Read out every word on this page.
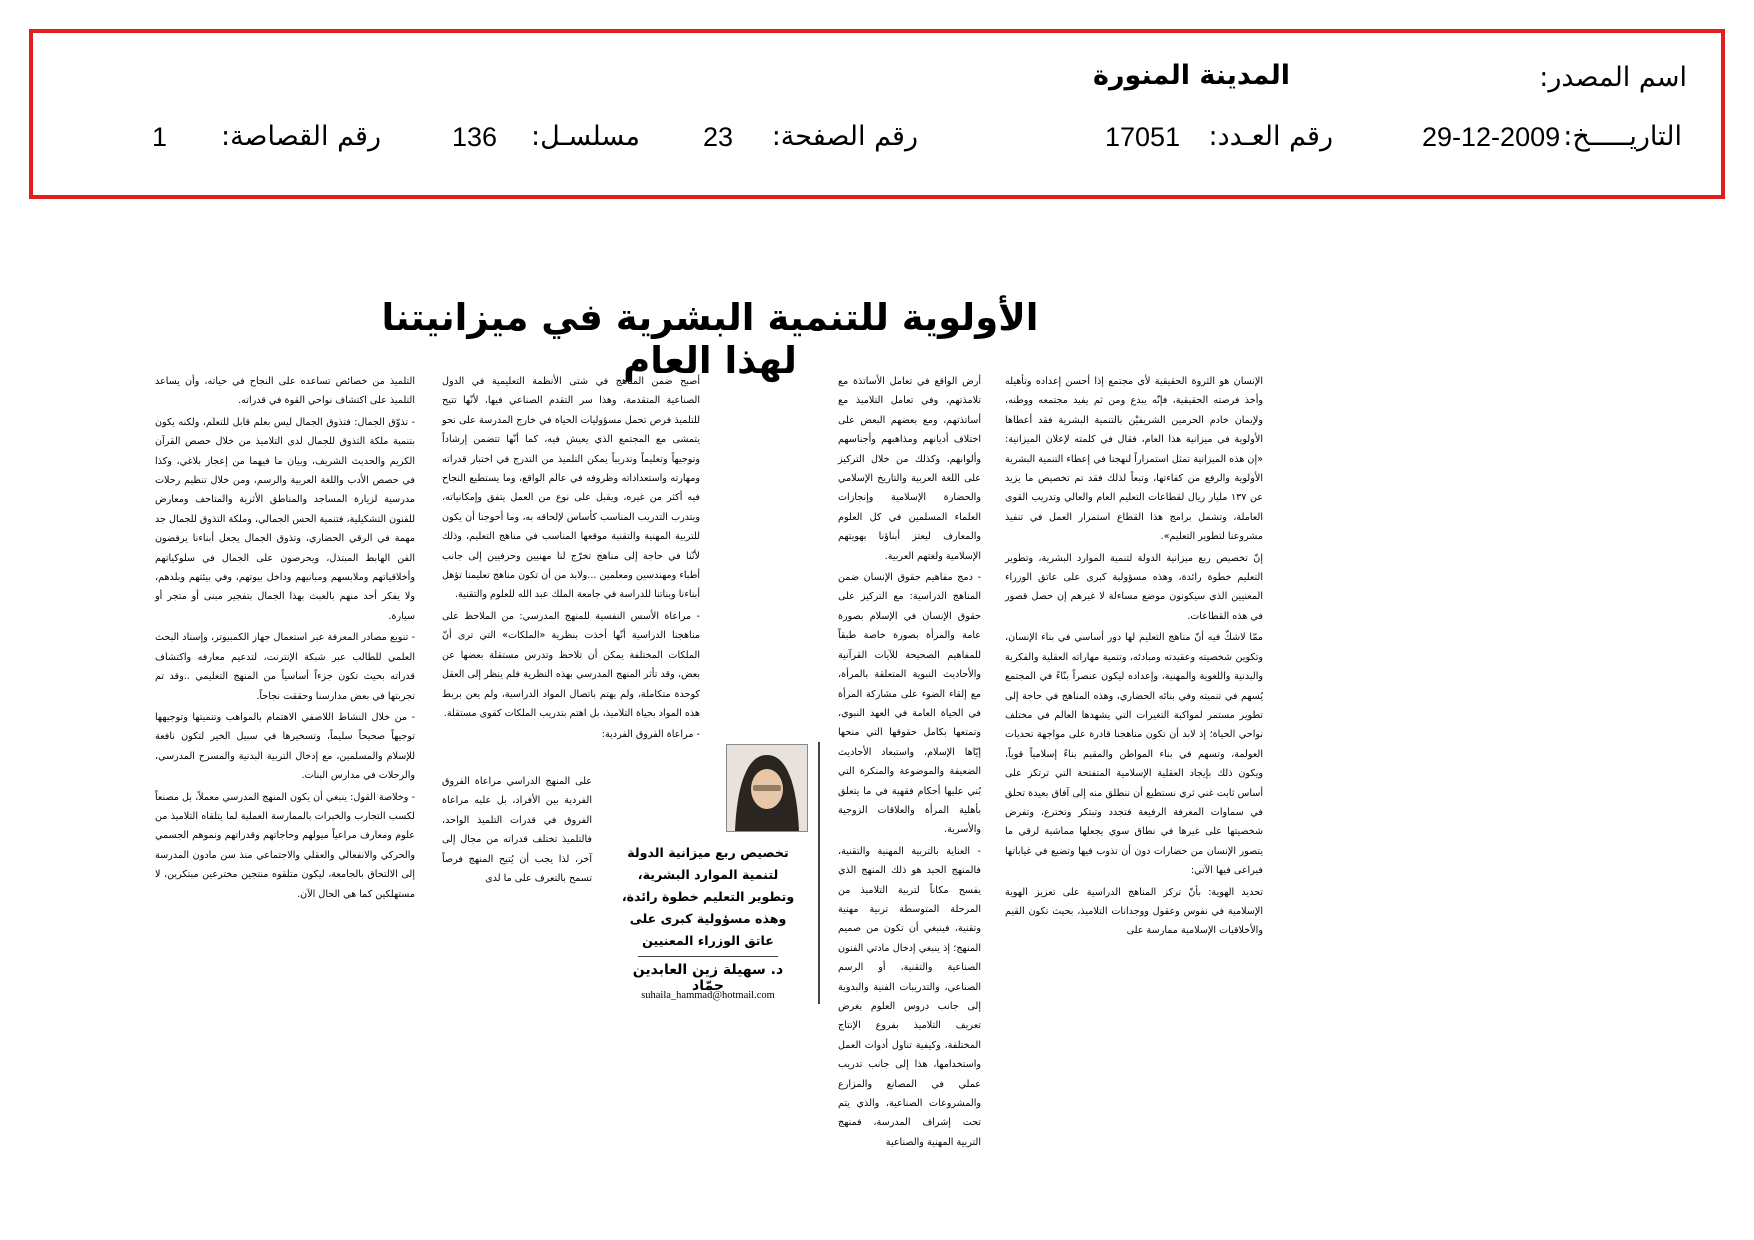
اسم المصدر:
المدينة المنورة
التاريـــــخ:
29-12-2009
رقم العـدد:
17051
رقم الصفحة:
23
مسلسـل:
136
رقم القصاصة:
1
الأولوية للتنمية البشرية في ميزانيتنا لهذا العام	الإنسان هو الثروة الحقيقية لأي مجتمع إذا أحسن إعداده وتأهيله وأخذ فرصته الحقيقية، فإنّه يبدع ومن ثم يفيد مجتمعه ووطنه، ولإيمان خادم الحرمين الشريفيْن بالتنمية البشرية فقد أعطاها الأولوية في ميزانية هذا العام، فقال في كلمته لإعلان الميزانية: «إن هذه الميزانية تمثل استمراراً لنهجنا في إعطاء التنمية البشرية الأولوية والرفع من كفاءتها، وتبعاً لذلك فقد تم تخصيص ما يزيد عن ١٣٧ مليار ريال لقطاعات التعليم العام والعالي وتدريب القوى العاملة، وتشمل برامج هذا القطاع استمرار العمل في تنفيذ مشروعنا لتطوير التعليم».

إنّ تخصيص ربع ميزانية الدولة لتنمية الموارد البشرية، وتطوير التعليم خطوة رائدة، وهذه مسؤولية كبرى على عاتق الوزراء المعنيين الذي سيكونون موضع مساءلة لا غيرهم إن حصل قصور في هذه القطاعات.

ممّا لاشكّ فيه أنّ مناهج التعليم لها دور أساسي في بناء الإنسان، وتكوين شخصيته وعقيدته ومبادئه، وتنمية مهاراته العقلية والفكرية والبدنية واللغوية والمهنية، وإعداده ليكون عنصراً بنّاءً في المجتمع يُسهم في تنميته وفي بنائه الحضاري، وهذه المناهج في حاجة إلى تطوير مستمر لمواكبة التغيرات التي يشهدها العالم في مختلف نواحي الحياة؛ إذ لابد أن تكون مناهجنا قادرة على مواجهة تحديات العولمة، وتسهم في بناء المواطن والمقيم بناءً إسلامياً قوياً، ويكون ذلك بإيجاد العقلية الإسلامية المتفتحة التي ترتكز على أساس ثابت غني ثري نستطيع أن ننطلق منه إلى آفاق بعيدة تحلق في سماوات المعرفة الرفيعة فتجدد وتبتكر وتخترع، وتفرض شخصيتها على غيرها في نطاق سوي يجعلها مماشية لرقي ما يتصور الإنسان من حضارات دون أن تذوب فيها وتضيع في غياباتها فيراعى فيها الآتي:

تحديد الهوية: بأنّ تركز المناهج الدراسية على تعزيز الهوية الإسلامية في نفوس وعقول ووجدانات التلاميذ، بحيث تكون القيم والأخلاقيات الإسلامية ممارسة على

أرض الواقع في تعامل الأساتذة مع تلامذتهم، وفي تعامل التلاميذ مع أساتذتهم، ومع بعضهم البعض على اختلاف أديانهم ومذاهبهم وأجناسهم وألوانهم، وكذلك من خلال التركيز على اللغة العربية والتاريخ الإسلامي والحضارة الإسلامية وإنجازات العلماء المسلمين في كل العلوم والمعارف ليعتز أبناؤنا بهويتهم الإسلامية ولغتهم العربية.

- دمج مفاهيم حقوق الإنسان ضمن المناهج الدراسية: مع التركيز على حقوق الإنسان في الإسلام بصورة عامة والمرأة بصورة خاصة طبقاً للمفاهيم الصحيحة للآيات القرآنية والأحاديث النبوية المتعلقة بالمرأة، مع إلقاء الضوء على مشاركة المرأة في الحياة العامة في العهد النبوي، وتمتعها بكامل حقوقها التي منحها إيّاها الإسلام، واستبعاد الأحاديث الضعيفة والموضوعة والمنكرة التي بُني عليها أحكام فقهية في ما يتعلق بأهلية المرأة والعلاقات الزوجية والأسرية.

- العناية بالتربية المهنية والتقنية، فالمنهج الجيد هو ذلك المنهج الذي يفسح مكاناً لتربية التلاميذ من المرحلة المتوسطة تربية مهنية وتقنية، فينبغي أن تكون من صميم المنهج؛ إذ ينبغي إدخال مادتي الفنون الصناعية والتقنية، أو الرسم الصناعي، والتدريبات الفنية والبدوية إلى جانب دروس العلوم بغرض تعريف التلاميذ بفروع الإنتاج المختلفة، وكيفية تناول أدوات العمل واستخدامها، هذا إلى جانب تدريب عملي في المصانع والمزارع والمشروعات الصناعية، والذي يتم تحت إشراف المدرسة، فمنهج التربية المهنية والصناعية

أصبح ضمن المناهج في شتى الأنظمة التعليمية في الدول الصناعية المتقدمة، وهذا سر التقدم الصناعي فيها، لأنّها تتيح للتلميذ فرص تحمل مسؤوليات الحياة في خارج المدرسة على نحو يتمشى مع المجتمع الذي يعيش فيه، كما أنّها تتضمن إرشاداً وتوجيهاً وتعليماً وتدريباً يمكن التلميذ من التدرج في اختبار قدراته ومهارته واستعداداته وظروفه في عالم الواقع، وما يستطيع النجاح فيه أكثر من غيره، ويقبل على نوع من العمل يتفق وإمكانياته، ويتدرب التدريب المناسب كأساس لإلحاقه به، وما أحوجنا أن يكون للتربية المهنية والتقنية موقعها المناسب في مناهج التعليم، وذلك لأنّنا في حاجة إلى مناهج تخرّج لنا مهنيين وحرفيين إلى جانب أطباء ومهندسين ومعلمين ...ولابد من أن تكون مناهج تعليمنا تؤهل أبناءنا وبناتنا للدراسة في جامعة الملك عبد الله للعلوم والتقنية.

- مراعاة الأسس النفسية للمنهج المدرسي: من الملاحظ على مناهجنا الدراسية أنّها أخذت بنظرية «الملكات» التي ترى أنّ الملكات المختلفة يمكن أن تلاحظ وتدرس مستقلة بعضها عن بعض، وقد تأثر المنهج المدرسي بهذه النظرية فلم ينظر إلى العقل كوحدة متكاملة، ولم يهتم باتصال المواد الدراسية، ولم يعن بربط هذه المواد بحياة التلاميذ، بل اهتم بتدريب الملكات كقوى مستقلة.

- مراعاة الفروق الفردية:

على المنهج الدراسي مراعاة الفروق الفردية بين الأفراد، بل عليه مراعاة الفروق في قدرات التلميذ الواحد، فالتلميذ تختلف قدراته من مجال إلى آخر، لذا يجب أن يُتيح المنهج فرصاً تسمح بالتعرف على ما لدى

التلميذ من خصائص تساعده على النجاح في حياته، وأن يساعد التلميذ على اكتشاف نواحي القوة في قدراته.

- تذوّق الجمال: فتذوق الجمال ليس بعلم قابل للتعلم، ولكنه يكون بتنمية ملكة التذوق للجمال لدى التلاميذ من خلال حصص القرآن الكريم والحديث الشريف، وبيان ما فيهما من إعجاز بلاغي، وكذا في حصص الأدب واللغة العربية والرسم، ومن خلال تنظيم رحلات مدرسية لزيارة المساجد والمناطق الأثرية والمتاحف ومعارض للفنون التشكيلية، فتنمية الحس الجمالي، وملكة التذوق للجمال جد مهمة في الرقي الحضاري، وتذوق الجمال يجعل أبناءنا يرفضون الفن الهابط المبتذل، ويحرصون على الجمال في سلوكياتهم وأخلاقياتهم وملابسهم ومبانيهم وداخل بيوتهم، وفي بيئتهم وبلدهم، ولا يفكر أحد منهم بالعبث بهذا الجمال بتفجير مبنى أو متجر أو سيارة.

- تنويع مصادر المعرفة عبر استعمال جهاز الكمبيوتر، وإسناد البحث العلمي للطالب عبر شبكة الإنترنت، لتدعيم معارفه واكتشاف قدراته بحيث تكون جزءاً أساسياً من المنهج التعليمي ..وقد تم تجربتها في بعض مدارسنا وحققت نجاحاً.

- من خلال النشاط اللاصفي الاهتمام بالمواهب وتنميتها وتوجيهها توجيهاً صحيحاً سليماً، وتسخيرها في سبيل الخير لتكون نافعة للإسلام والمسلمين، مع إدخال التربية البدنية والمسرح المدرسي، والرحلات في مدارس البنات.

- وخلاصة القول: ينبغي أن يكون المنهج المدرسي معملاً، بل مصنعاً لكسب التجارب والخبرات بالممارسة العملية لما يتلقاه التلاميذ من علوم ومعارف مراعياً ميولهم وحاجاتهم وقدراتهم ونموهم الجسمي والحركي والانفعالي والعقلي والاجتماعي منذ سن مادون المدرسة إلى الالتحاق بالجامعة، ليكون متلقوه منتجين مخترعين مبتكرين، لا مستهلكين كما هي الحال الآن.

تخصيص ربع ميزانية الدولة لتنمية الموارد البشرية، وتطوير التعليم خطوة رائدة، وهذه مسؤولية كبرى على عاتق الوزراء المعنيين
د. سهيلة زين العابدين حمّاد
suhaila_hammad@hotmail.com
